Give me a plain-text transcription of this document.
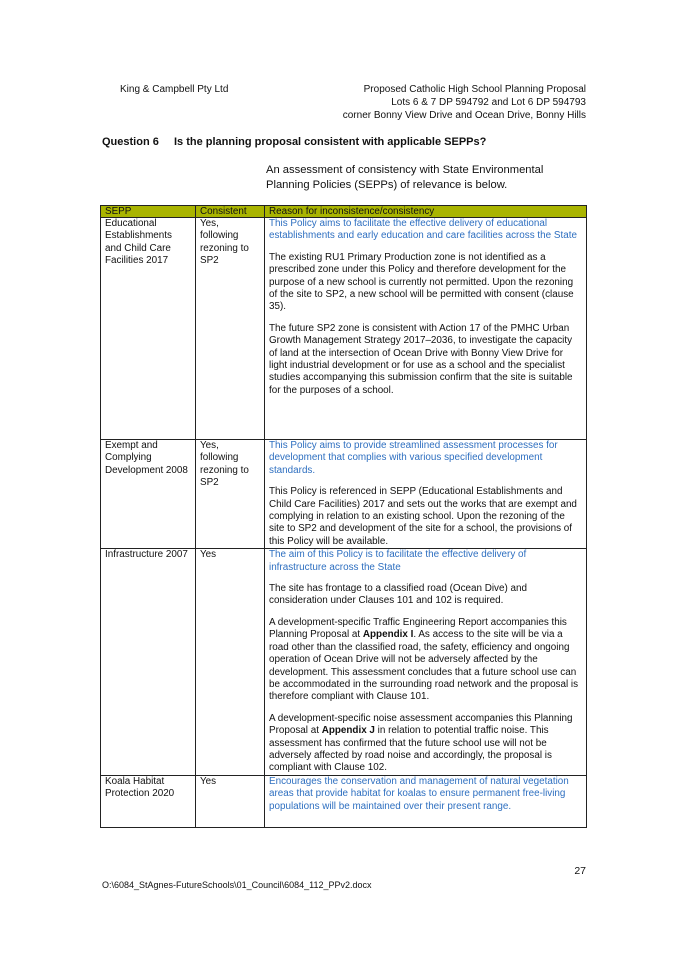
King & Campbell Pty Ltd	Proposed Catholic High School Planning Proposal
Lots 6 & 7 DP 594792 and Lot 6 DP 594793
corner Bonny View Drive and Ocean Drive, Bonny Hills
Question 6 Is the planning proposal consistent with applicable SEPPs?
An assessment of consistency with State Environmental Planning Policies (SEPPs) of relevance is below.
SEPP	Consistent	Reason for inconsistence/consistency
Educational Establishments and Child Care Facilities 2017	Yes, following rezoning to SP2	This Policy aims to facilitate the effective delivery of educational establishments and early education and care facilities across the State

The existing RU1 Primary Production zone is not identified as a prescribed zone under this Policy and therefore development for the purpose of a new school is currently not permitted. Upon the rezoning of the site to SP2, a new school will be permitted with consent (clause 35).

The future SP2 zone is consistent with Action 17 of the PMHC Urban Growth Management Strategy 2017–2036, to investigate the capacity of land at the intersection of Ocean Drive with Bonny View Drive for light industrial development or for use as a school and the specialist studies accompanying this submission confirm that the site is suitable for the purposes of a school.

Exempt and Complying Development 2008	Yes, following rezoning to SP2	This Policy aims to provide streamlined assessment processes for development that complies with various specified development standards.

This Policy is referenced in SEPP (Educational Establishments and Child Care Facilities) 2017 and sets out the works that are exempt and complying in relation to an existing school. Upon the rezoning of the site to SP2 and development of the site for a school, the provisions of this Policy will be available.

Infrastructure 2007	Yes	The aim of this Policy is to facilitate the effective delivery of infrastructure across the State

The site has frontage to a classified road (Ocean Dive) and consideration under Clauses 101 and 102 is required.

A development-specific Traffic Engineering Report accompanies this Planning Proposal at Appendix I. As access to the site will be via a road other than the classified road, the safety, efficiency and ongoing operation of Ocean Drive will not be adversely affected by the development. This assessment concludes that a future school use can be accommodated in the surrounding road network and the proposal is therefore compliant with Clause 101.

A development-specific noise assessment accompanies this Planning Proposal at Appendix J in relation to potential traffic noise. This assessment has confirmed that the future school use will not be adversely affected by road noise and accordingly, the proposal is compliant with Clause 102.

Koala Habitat Protection 2020	Yes	Encourages the conservation and management of natural vegetation areas that provide habitat for koalas to ensure permanent free-living populations will be maintained over their present range.

27
O:\6084_StAgnes-FutureSchools\01_Council\6084_112_PPv2.docx
